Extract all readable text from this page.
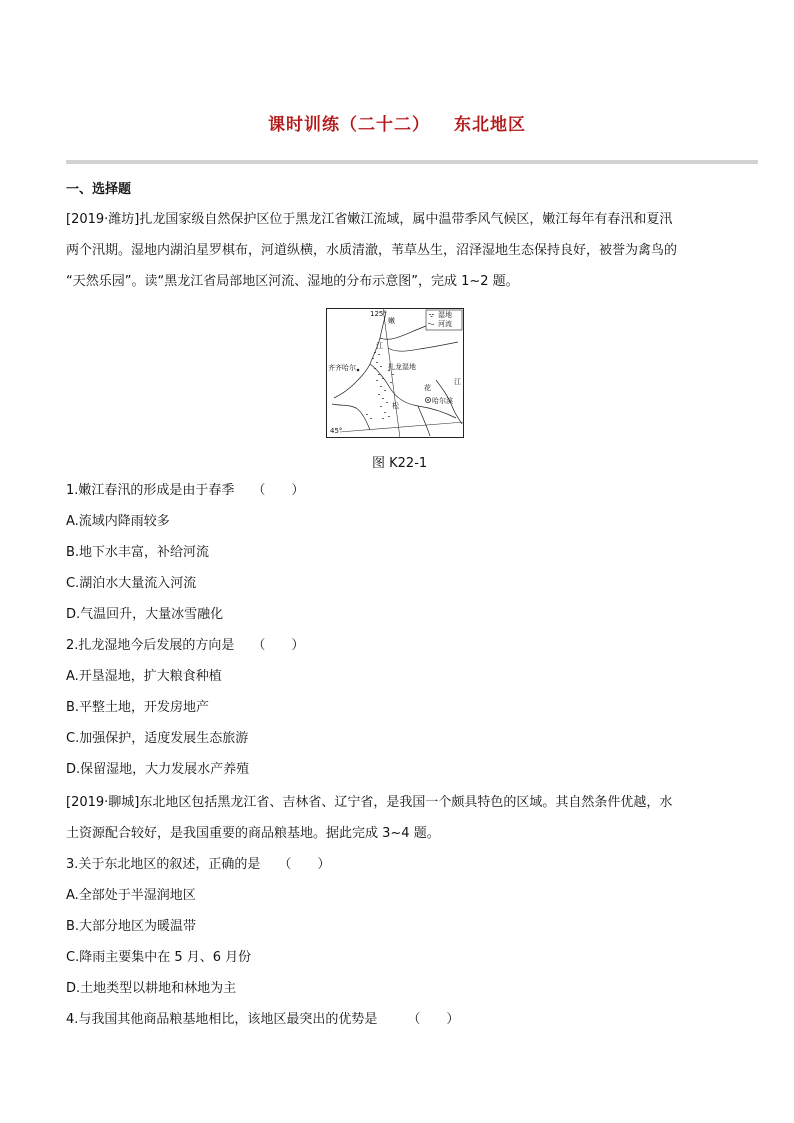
课时训练（二十二） 东北地区
一、选择题
[2019·潍坊]扎龙国家级自然保护区位于黑龙江省嫩江流域，属中温带季风气候区，嫩江每年有春汛和夏汛
两个汛期。湿地内湖泊星罗棋布，河道纵横，水质清澈，苇草丛生，沼泽湿地生态保持良好，被誉为禽鸟的
“天然乐园”。读“黑龙江省局部地区河流、湿地的分布示意图”，完成 1~2 题。
湿地
河流
125°
45°
嫩
江
齐齐哈尔	扎龙湿地
松
花
江
哈尔滨
图 K22-1
1.嫩江春汛的形成是由于春季 （　　）
A.流域内降雨较多
B.地下水丰富，补给河流
C.湖泊水大量流入河流
D.气温回升，大量冰雪融化
2.扎龙湿地今后发展的方向是 （　　）
A.开垦湿地，扩大粮食种植
B.平整土地，开发房地产
C.加强保护，适度发展生态旅游
D.保留湿地，大力发展水产养殖
[2019·聊城]东北地区包括黑龙江省、吉林省、辽宁省，是我国一个颇具特色的区域。其自然条件优越，水
土资源配合较好，是我国重要的商品粮基地。据此完成 3~4 题。
3.关于东北地区的叙述，正确的是 （　　）
A.全部处于半湿润地区
B.大部分地区为暖温带
C.降雨主要集中在 5 月、6 月份
D.土地类型以耕地和林地为主
4.与我国其他商品粮基地相比，该地区最突出的优势是 （　　）
